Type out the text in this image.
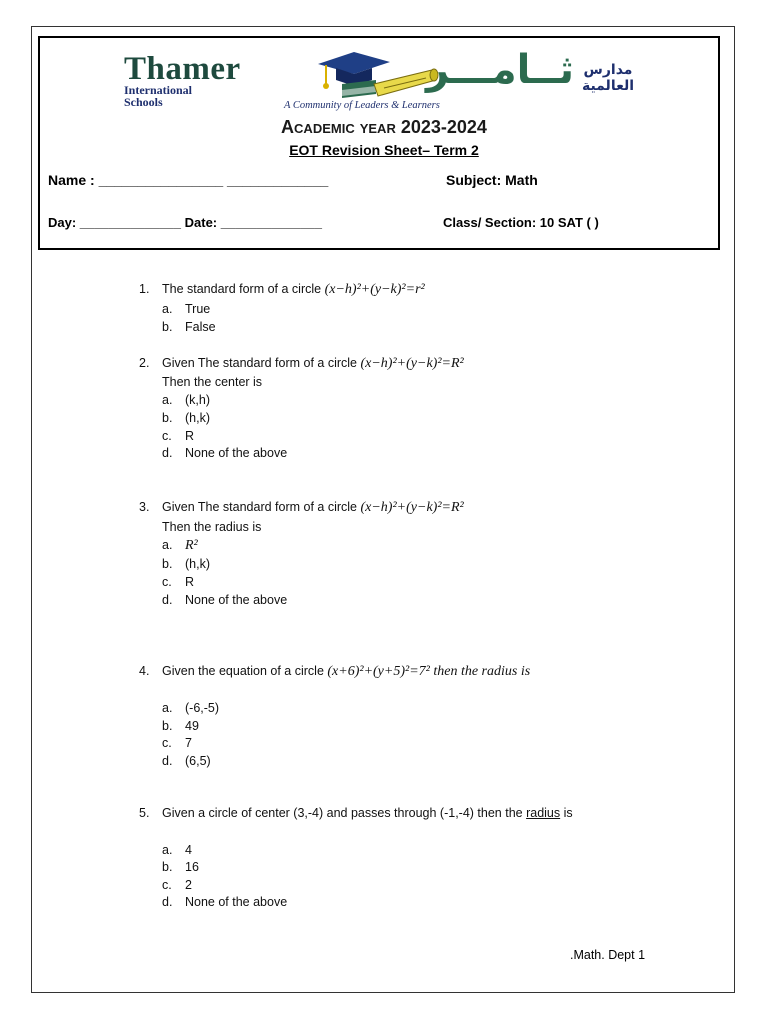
Thamer
International
Schools	A Community of Leaders & Learners
ثــامـــر مدارس
العالمية
Academic year 2023-2024
EOT Revision Sheet– Term 2
Name : ________________ _____________	Subject: Math
Day: ______________ Date: ______________	Class/ Section: 10 SAT ( )
1. The standard form of a circle (x−h)²+(y−k)²=r²
a. True
b. False
2. Given The standard form of a circle (x−h)²+(y−k)²=R²
Then the center is
a. (k,h)
b. (h,k)
c. R
d. None of the above
3. Given The standard form of a circle (x−h)²+(y−k)²=R²
Then the radius is
a. R²
b. (h,k)
c. R
d. None of the above
4. Given the equation of a circle (x+6)²+(y+5)²=7² then the radius is
a. (-6,-5)
b. 49
c. 7
d. (6,5)
5. Given a circle of center (3,-4) and passes through (-1,-4) then the radius is
a. 4
b. 16
c. 2
d. None of the above
.Math. Dept 1
